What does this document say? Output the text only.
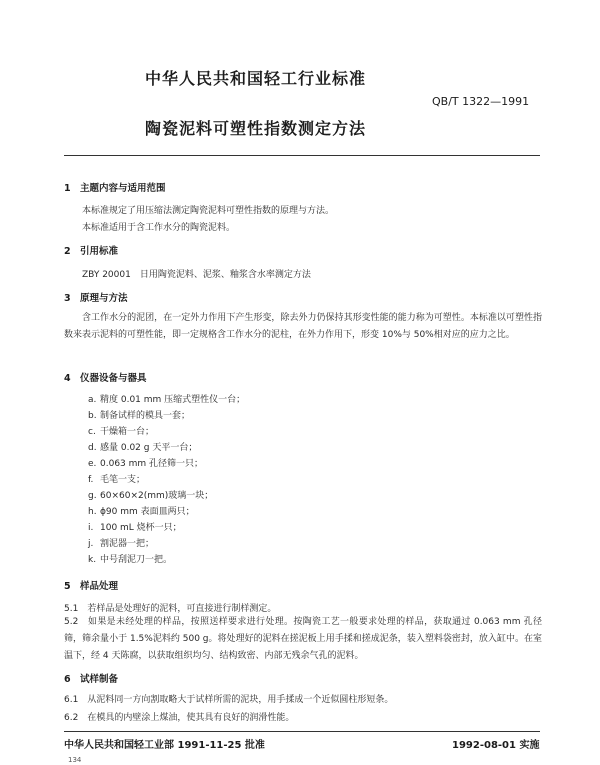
中华人民共和国轻工行业标准
QB/T 1322—1991
陶瓷泥料可塑性指数测定方法
1 主题内容与适用范围
本标准规定了用压缩法测定陶瓷泥料可塑性指数的原理与方法。
本标准适用于含工作水分的陶瓷泥料。
2 引用标准
ZBY 20001　日用陶瓷泥料、泥浆、釉浆含水率测定方法
3 原理与方法
含工作水分的泥团，在一定外力作用下产生形变，除去外力仍保持其形变性能的能力称为可塑性。本标准以可塑性指数来表示泥料的可塑性能，即一定规格含工作水分的泥柱，在外力作用下，形变 10%与 50%相对应的应力之比。
4 仪器设备与器具
a. 精度 0.01 mm 压缩式塑性仪一台；
b. 制备试样的模具一套；
c. 干燥箱一台；
d. 感量 0.02 g 天平一台；
e. 0.063 mm 孔径筛一只；
f. 毛笔一支；
g. 60×60×2(mm)玻璃一块；
h. ϕ90 mm 表面皿两只；
i. 100 mL 烧杯一只；
j. 割泥器一把；
k. 中号刮泥刀一把。
5 样品处理
5.1　若样品是处理好的泥料，可直接进行制样测定。
5.2　如果是未经处理的样品，按照送样要求进行处理。按陶瓷工艺一般要求处理的样品，获取通过 0.063 mm 孔径筛，筛余量小于 1.5%泥料约 500 g。将处理好的泥料在搓泥板上用手揉和搓成泥条，装入塑料袋密封，放入缸中。在室温下，经 4 天陈腐，以获取组织均匀、结构致密、内部无残余气孔的泥料。
6 试样制备
6.1　从泥料同一方向割取略大于试样所需的泥块，用手揉成一个近似圆柱形短条。
6.2　在模具的内壁涂上煤油，使其具有良好的润滑性能。
中华人民共和国轻工业部 1991-11-25 批准	1992-08-01 实施
134
